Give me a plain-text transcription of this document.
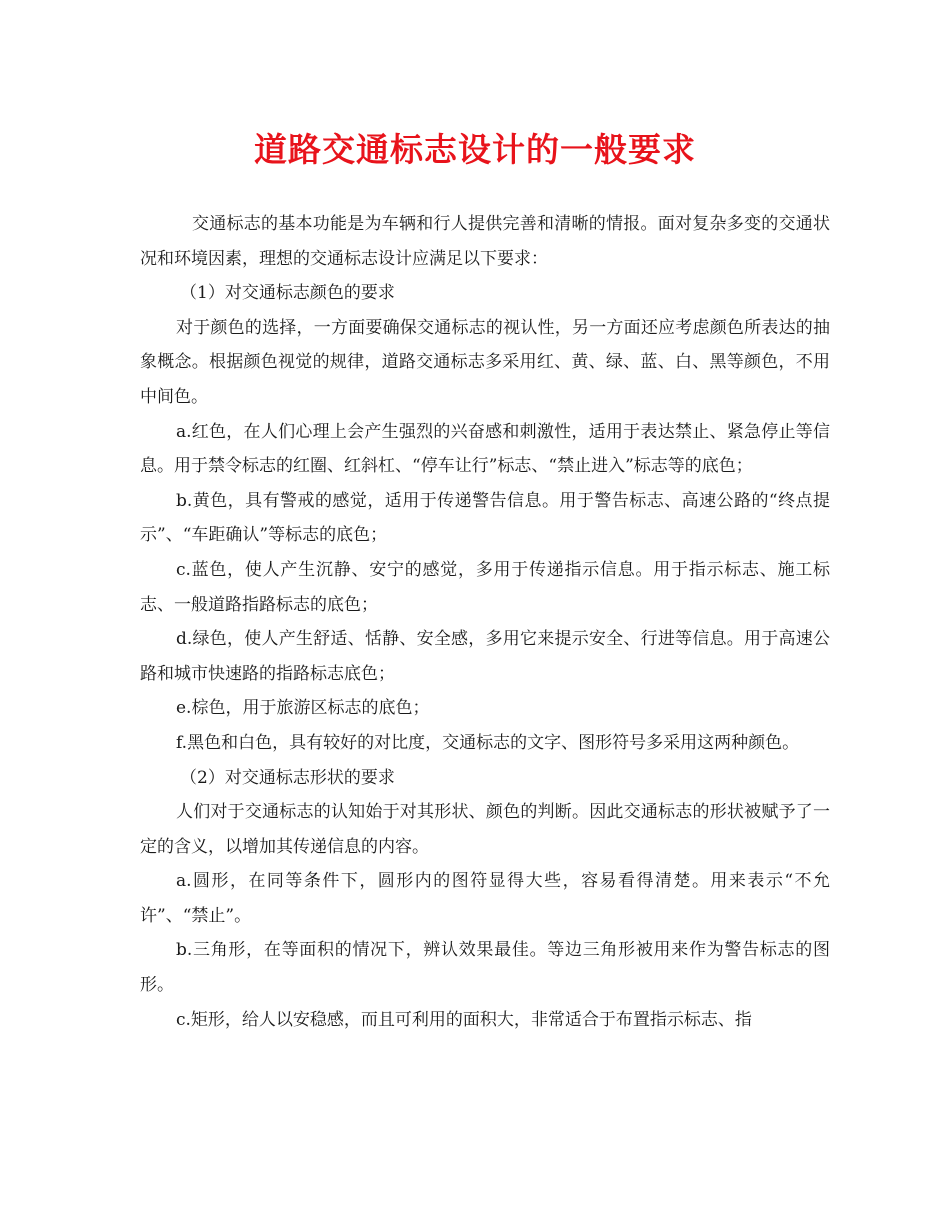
道路交通标志设计的一般要求

交通标志的基本功能是为车辆和行人提供完善和清晰的情报。面对复杂多变的交通状况和环境因素，理想的交通标志设计应满足以下要求：

（1）对交通标志颜色的要求

对于颜色的选择，一方面要确保交通标志的视认性，另一方面还应考虑颜色所表达的抽象概念。根据颜色视觉的规律，道路交通标志多采用红、黄、绿、蓝、白、黑等颜色，不用中间色。

a.红色，在人们心理上会产生强烈的兴奋感和刺激性，适用于表达禁止、紧急停止等信息。用于禁令标志的红圈、红斜杠、“停车让行”标志、“禁止进入”标志等的底色；

b.黄色，具有警戒的感觉，适用于传递警告信息。用于警告标志、高速公路的“终点提示”、“车距确认”等标志的底色；

c.蓝色，使人产生沉静、安宁的感觉，多用于传递指示信息。用于指示标志、施工标志、一般道路指路标志的底色；

d.绿色，使人产生舒适、恬静、安全感，多用它来提示安全、行进等信息。用于高速公路和城市快速路的指路标志底色；

e.棕色，用于旅游区标志的底色；

f.黑色和白色，具有较好的对比度，交通标志的文字、图形符号多采用这两种颜色。

（2）对交通标志形状的要求

人们对于交通标志的认知始于对其形状、颜色的判断。因此交通标志的形状被赋予了一定的含义，以增加其传递信息的内容。

a.圆形，在同等条件下，圆形内的图符显得大些，容易看得清楚。用来表示“不允许”、“禁止”。

b.三角形，在等面积的情况下，辨认效果最佳。等边三角形被用来作为警告标志的图形。

c.矩形，给人以安稳感，而且可利用的面积大，非常适合于布置指示标志、指
